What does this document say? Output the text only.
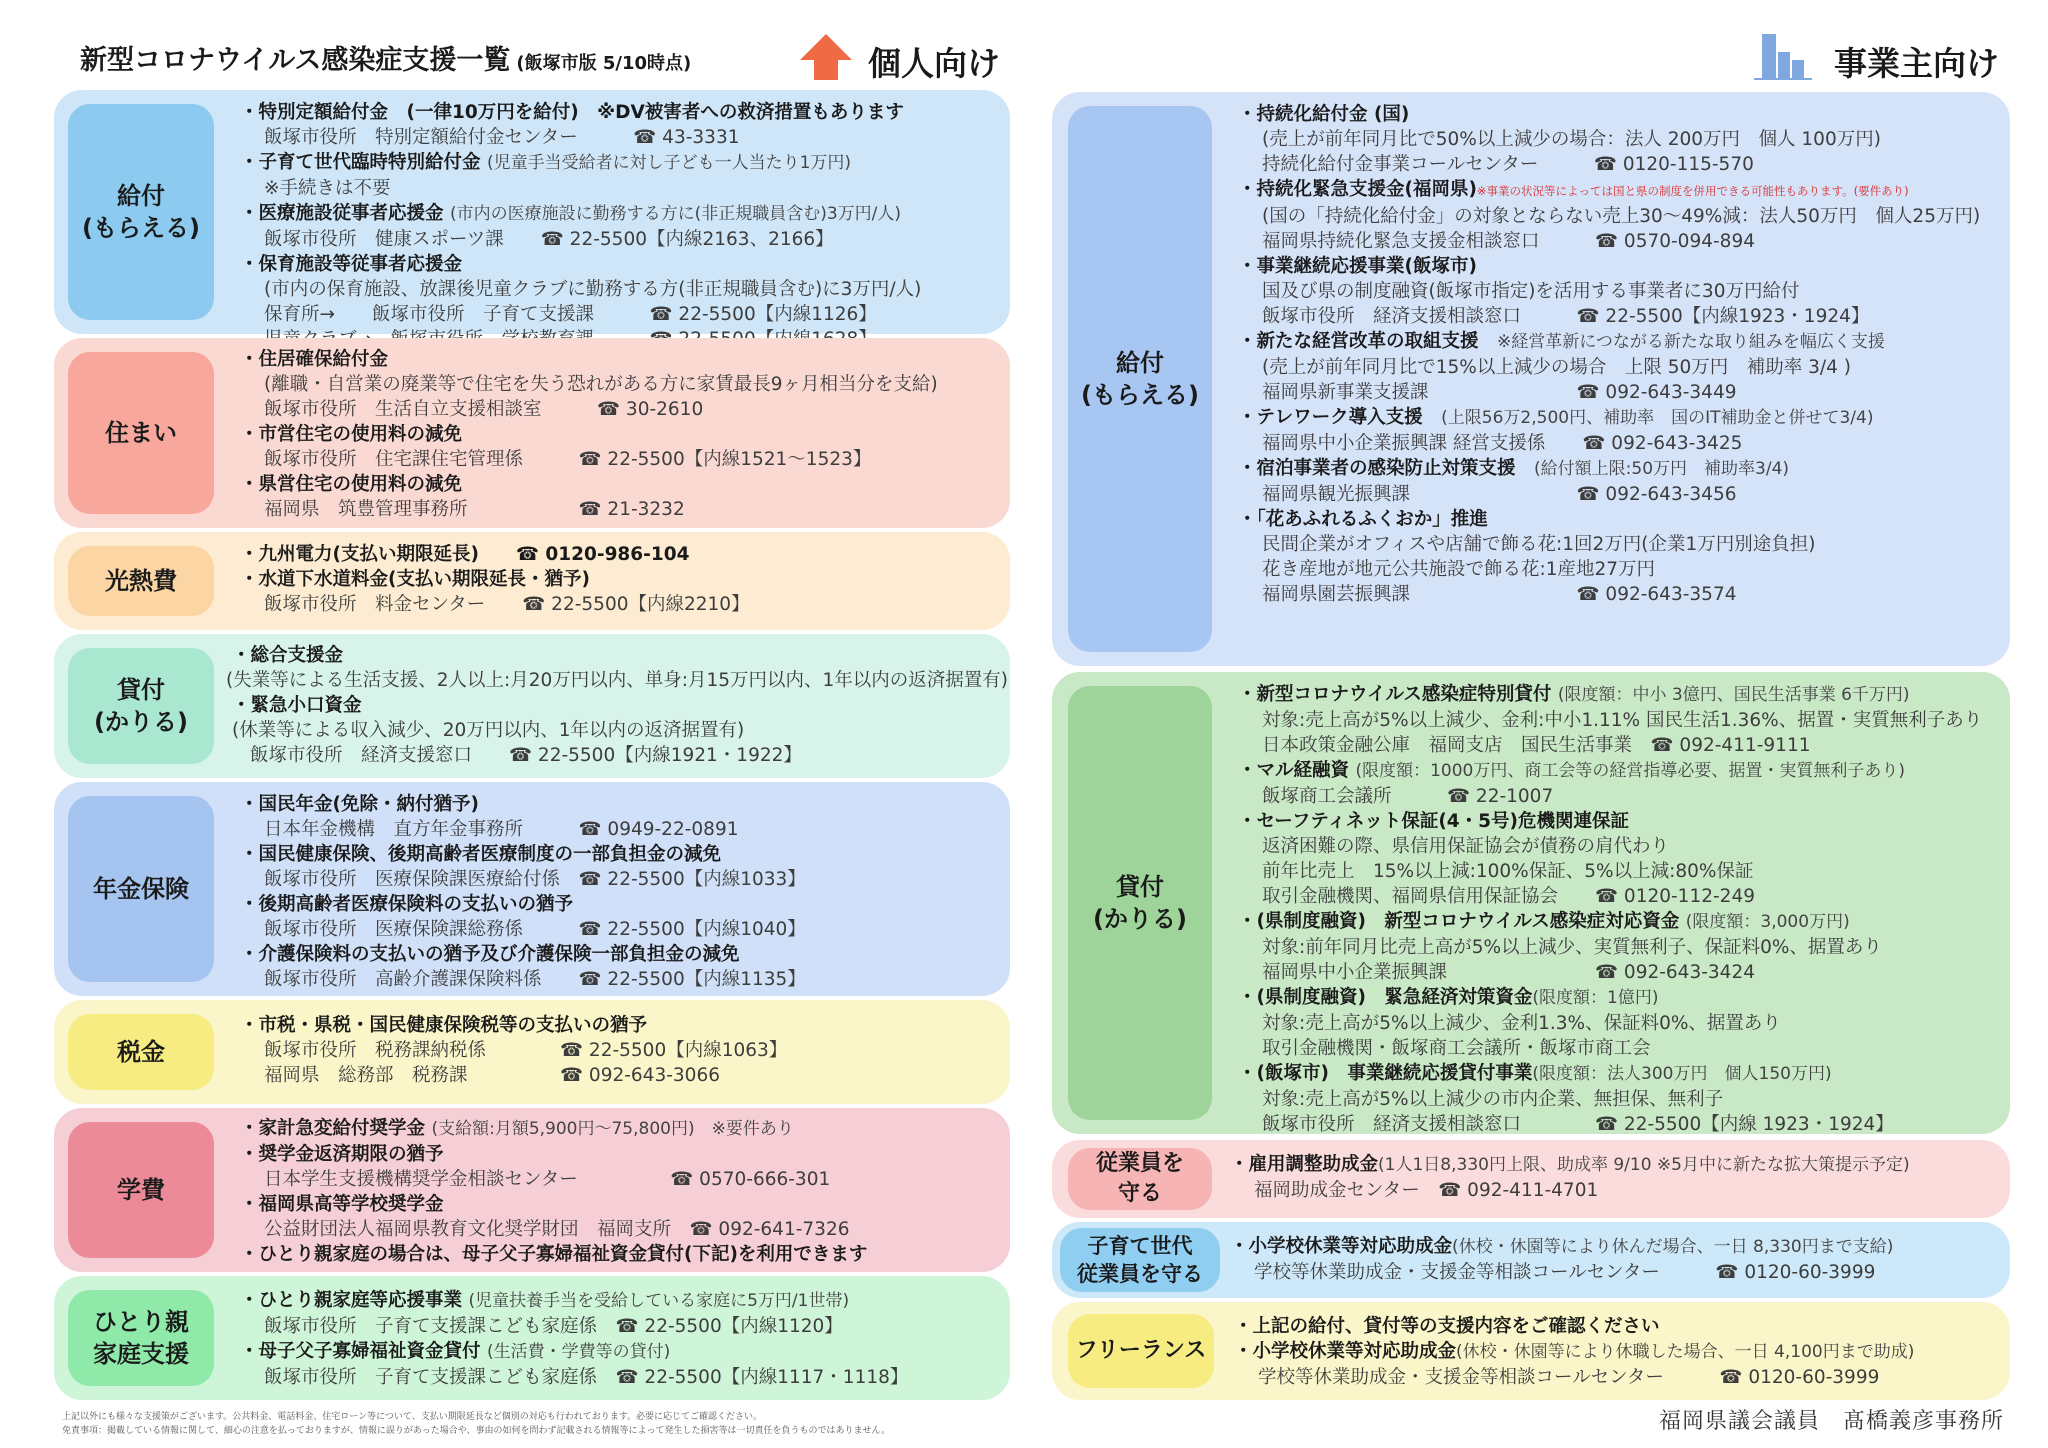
新型コロナウイルス感染症支援一覧 (飯塚市版 5/10時点)	個人向け	事業主向け
給付
(もらえる)
・特別定額給付金　(一律10万円を給付)　※DV被害者への救済措置もあります
飯塚市役所　特別定額給付金センター　　　☎ 43-3331
・子育て世代臨時特別給付金 (児童手当受給者に対し子ども一人当たり1万円)
※手続きは不要
・医療施設従事者応援金 (市内の医療施設に勤務する方に(非正規職員含む)3万円/人)
飯塚市役所　健康スポーツ課　　☎ 22-5500【内線2163、2166】
・保育施設等従事者応援金
(市内の保育施設、放課後児童クラブに勤務する方(非正規職員含む)に3万円/人)
保育所→　　飯塚市役所　子育て支援課　　　☎ 22-5500【内線1126】
住まい
・住居確保給付金
(離職・自営業の廃業等で住宅を失う恐れがある方に家賃最長9ヶ月相当分を支給)
飯塚市役所　生活自立支援相談室　　　☎ 30-2610
・市営住宅の使用料の減免
飯塚市役所　住宅課住宅管理係　　　☎ 22-5500【内線1521～1523】
・県営住宅の使用料の減免
福岡県　筑豊管理事務所　　　　　　☎ 21-3232
光熱費
・九州電力(支払い期限延長)　　☎ 0120-986-104
・水道下水道料金(支払い期限延長・猶予)
飯塚市役所　料金センター　　☎ 22-5500【内線2210】
貸付
(かりる)
・総合支援金
(失業等による生活支援、2人以上:月20万円以内、単身:月15万円以内、1年以内の返済据置有)
・緊急小口資金
(休業等による収入減少、20万円以内、1年以内の返済据置有)
飯塚市役所　経済支援窓口　　☎ 22-5500【内線1921・1922】
年金保険
・国民年金(免除・納付猶予)
日本年金機構　直方年金事務所　　　☎ 0949-22-0891
・国民健康保険、後期高齢者医療制度の一部負担金の減免
飯塚市役所　医療保険課医療給付係　☎ 22-5500【内線1033】
・後期高齢者医療保険料の支払いの猶予
飯塚市役所　医療保険課総務係　　　☎ 22-5500【内線1040】
・介護保険料の支払いの猶予及び介護保険一部負担金の減免
飯塚市役所　高齢介護課保険料係　　☎ 22-5500【内線1135】
税金
・市税・県税・国民健康保険税等の支払いの猶予
飯塚市役所　税務課納税係　　　　☎ 22-5500【内線1063】
福岡県　総務部　税務課　　　　　☎ 092-643-3066
学費
・家計急変給付奨学金 (支給額:月額5,900円～75,800円)　※要件あり
・奨学金返済期限の猶予
日本学生支援機構奨学金相談センター　　　　　☎ 0570-666-301
・福岡県高等学校奨学金
公益財団法人福岡県教育文化奨学財団　福岡支所　☎ 092-641-7326
・ひとり親家庭の場合は、母子父子寡婦福祉資金貸付(下記)を利用できます
ひとり親
家庭支援
・ひとり親家庭等応援事業 (児童扶養手当を受給している家庭に5万円/1世帯)
飯塚市役所　子育て支援課こども家庭係　☎ 22-5500【内線1120】
・母子父子寡婦福祉資金貸付 (生活費・学費等の貸付)
飯塚市役所　子育て支援課こども家庭係　☎ 22-5500【内線1117・1118】
給付
(もらえる)
・持続化給付金 (国)
(売上が前年同月比で50%以上減少の場合：法人 200万円　個人 100万円)
持続化給付金事業コールセンター　　　☎ 0120-115-570
・持続化緊急支援金(福岡県)※事業の状況等によっては国と県の制度を併用できる可能性もあります。(要件あり)
(国の「持続化給付金」の対象とならない売上30～49%減：法人50万円　個人25万円)
福岡県持続化緊急支援金相談窓口　　　☎ 0570-094-894
・事業継続応援事業(飯塚市)
国及び県の制度融資(飯塚市指定)を活用する事業者に30万円給付
飯塚市役所　経済支援相談窓口　　　☎ 22-5500【内線1923・1924】
・新たな経営改革の取組支援　 ※経営革新につながる新たな取り組みを幅広く支援
(売上が前年同月比で15%以上減少の場合　上限 50万円　補助率 3/4 )
福岡県新事業支援課　　　　　　　　☎ 092-643-3449
・テレワーク導入支援　 (上限56万2,500円、補助率　国のIT補助金と併せて3/4)
福岡県中小企業振興課 経営支援係　　☎ 092-643-3425
・宿泊事業者の感染防止対策支援　 (給付額上限:50万円　補助率3/4)
福岡県観光振興課　　　　　　　　　☎ 092-643-3456
・「花あふれるふくおか」推進
民間企業がオフィスや店舗で飾る花:1回2万円(企業1万円別途負担)
花き産地が地元公共施設で飾る花:1産地27万円
福岡県園芸振興課　　　　　　　　　☎ 092-643-3574
貸付
(かりる)
・新型コロナウイルス感染症特別貸付 (限度額：中小 3億円、国民生活事業 6千万円)
対象:売上高が5%以上減少、金利:中小1.11% 国民生活1.36%、据置・実質無利子あり
日本政策金融公庫　福岡支店　国民生活事業　☎ 092-411-9111
・マル経融資 (限度額：1000万円、商工会等の経営指導必要、据置・実質無利子あり)
飯塚商工会議所　　　☎ 22-1007
・セーフティネット保証(4・5号)危機関連保証
返済困難の際、県信用保証協会が債務の肩代わり
前年比売上　15%以上減:100%保証、5%以上減:80%保証
取引金融機関、福岡県信用保証協会　　☎ 0120-112-249
・(県制度融資)　新型コロナウイルス感染症対応資金 (限度額：3,000万円)
対象:前年同月比売上高が5%以上減少、実質無利子、保証料0%、据置あり
福岡県中小企業振興課　　　　　　　　☎ 092-643-3424
・(県制度融資)　緊急経済対策資金(限度額：1億円)
対象:売上高が5%以上減少、金利1.3%、保証料0%、据置あり
取引金融機関・飯塚商工会議所・飯塚市商工会
・(飯塚市)　事業継続応援貸付事業(限度額：法人300万円　個人150万円)
対象:売上高が5%以上減少の市内企業、無担保、無利子
飯塚市役所　経済支援相談窓口　　　　☎ 22-5500【内線 1923・1924】
従業員を
守る
・雇用調整助成金(1人1日8,330円上限、助成率 9/10 ※5月中に新たな拡大策提示予定)
福岡助成金センター　☎ 092-411-4701
子育て世代
従業員を守る
・小学校休業等対応助成金(休校・休園等により休んだ場合、一日 8,330円まで支給)
学校等休業助成金・支援金等相談コールセンター　　　☎ 0120-60-3999
フリーランス
・上記の給付、貸付等の支援内容をご確認ください
・小学校休業等対応助成金(休校・休園等により休職した場合、一日 4,100円まで助成)
学校等休業助成金・支援金等相談コールセンター　　　☎ 0120-60-3999
上記以外にも様々な支援策がございます。公共料金、電話料金、住宅ローン等について、支払い期限延長など個別の対応も行われております。必要に応じてご確認ください。
免責事項：掲載している情報に関して、細心の注意を払っておりますが、情報に誤りがあった場合や、事由の如何を問わず記載される情報等によって発生した損害等は一切責任を負うものではありません。	福岡県議会議員　髙橋義彦事務所
